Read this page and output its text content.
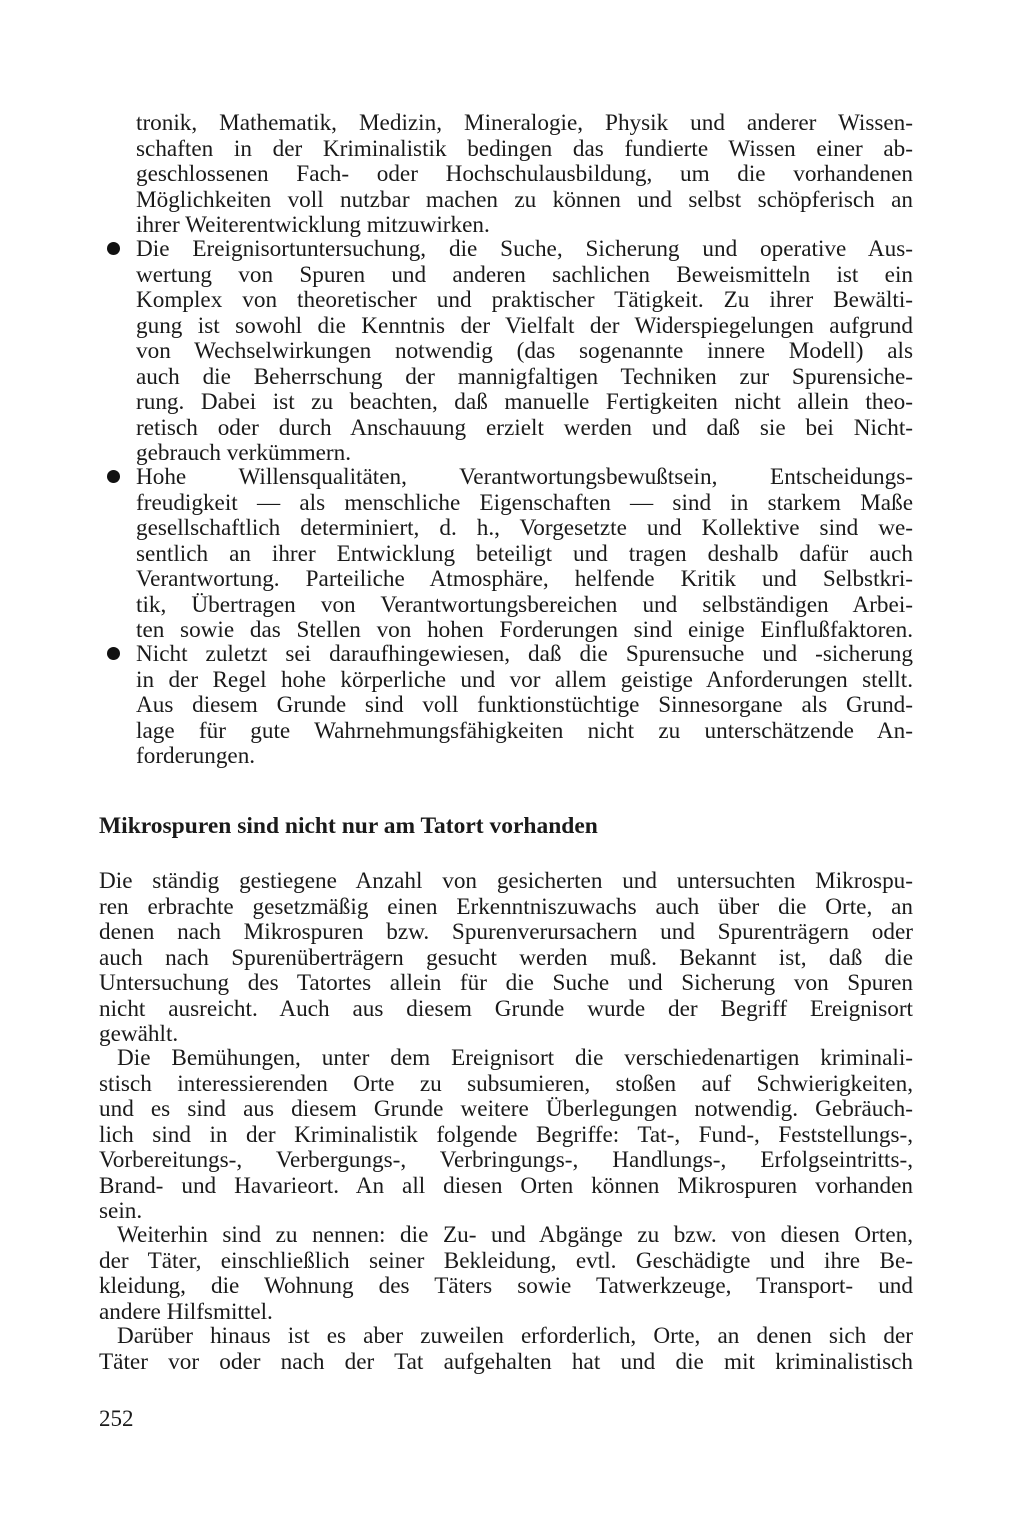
tronik, Mathematik, Medizin, Mineralogie, Physik und anderer Wissen-
schaften in der Kriminalistik bedingen das fundierte Wissen einer ab-
geschlossenen Fach- oder Hochschulausbildung, um die vorhandenen
Möglichkeiten voll nutzbar machen zu können und selbst schöpferisch an
ihrer Weiterentwicklung mitzuwirken.
Die Ereignisortuntersuchung, die Suche, Sicherung und operative Aus-
wertung von Spuren und anderen sachlichen Beweismitteln ist ein
Komplex von theoretischer und praktischer Tätigkeit. Zu ihrer Bewälti-
gung ist sowohl die Kenntnis der Vielfalt der Widerspiegelungen aufgrund
von Wechselwirkungen notwendig (das sogenannte innere Modell) als
auch die Beherrschung der mannigfaltigen Techniken zur Spurensiche-
rung. Dabei ist zu beachten, daß manuelle Fertigkeiten nicht allein theo-
retisch oder durch Anschauung erzielt werden und daß sie bei Nicht-
gebrauch verkümmern.
Hohe Willensqualitäten, Verantwortungsbewußtsein, Entscheidungs-
freudigkeit — als menschliche Eigenschaften — sind in starkem Maße
gesellschaftlich determiniert, d. h., Vorgesetzte und Kollektive sind we-
sentlich an ihrer Entwicklung beteiligt und tragen deshalb dafür auch
Verantwortung. Parteiliche Atmosphäre, helfende Kritik und Selbstkri-
tik, Übertragen von Verantwortungsbereichen und selbständigen Arbei-
ten sowie das Stellen von hohen Forderungen sind einige Einflußfaktoren.
Nicht zuletzt sei daraufhingewiesen, daß die Spurensuche und -sicherung
in der Regel hohe körperliche und vor allem geistige Anforderungen stellt.
Aus diesem Grunde sind voll funktionstüchtige Sinnesorgane als Grund-
lage für gute Wahrnehmungsfähigkeiten nicht zu unterschätzende An-
forderungen.
Mikrospuren sind nicht nur am Tatort vorhanden
Die ständig gestiegene Anzahl von gesicherten und untersuchten Mikrospu-
ren erbrachte gesetzmäßig einen Erkenntniszuwachs auch über die Orte, an
denen nach Mikrospuren bzw. Spurenverursachern und Spurenträgern oder
auch nach Spurenüberträgern gesucht werden muß. Bekannt ist, daß die
Untersuchung des Tatortes allein für die Suche und Sicherung von Spuren
nicht ausreicht. Auch aus diesem Grunde wurde der Begriff Ereignisort
gewählt.
Die Bemühungen, unter dem Ereignisort die verschiedenartigen kriminali-
stisch interessierenden Orte zu subsumieren, stoßen auf Schwierigkeiten,
und es sind aus diesem Grunde weitere Überlegungen notwendig. Gebräuch-
lich sind in der Kriminalistik folgende Begriffe: Tat-, Fund-, Feststellungs-,
Vorbereitungs-, Verbergungs-, Verbringungs-, Handlungs-, Erfolgseintritts-,
Brand- und Havarieort. An all diesen Orten können Mikrospuren vorhanden
sein.
Weiterhin sind zu nennen: die Zu- und Abgänge zu bzw. von diesen Orten,
der Täter, einschließlich seiner Bekleidung, evtl. Geschädigte und ihre Be-
kleidung, die Wohnung des Täters sowie Tatwerkzeuge, Transport- und
andere Hilfsmittel.
Darüber hinaus ist es aber zuweilen erforderlich, Orte, an denen sich der
Täter vor oder nach der Tat aufgehalten hat und die mit kriminalistisch
252
